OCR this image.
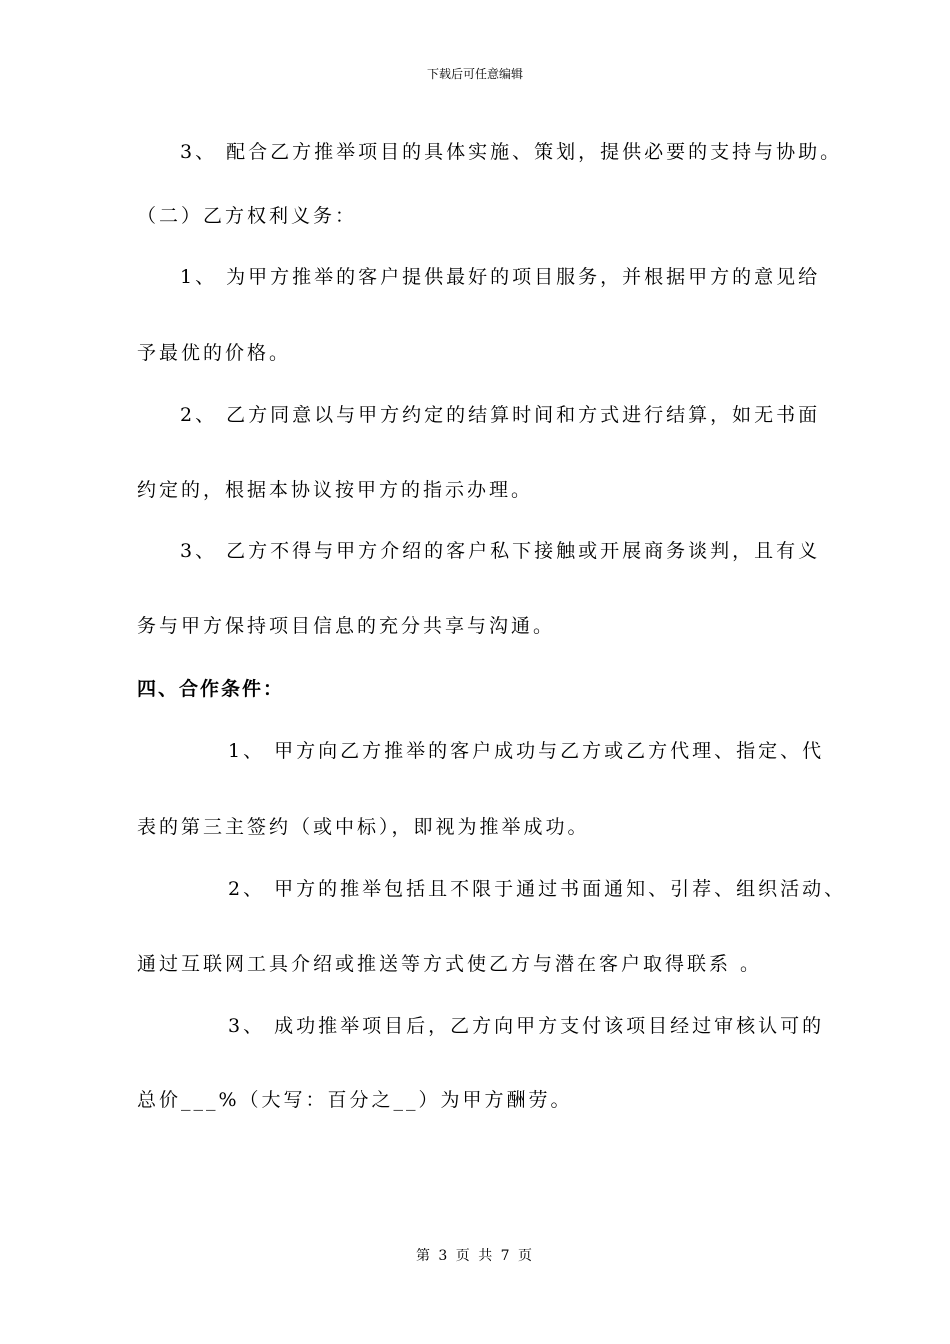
下载后可任意编辑
3、 配合乙方推举项目的具体实施、策划，提供必要的支持与协助。
（二）乙方权利义务：
1、 为甲方推举的客户提供最好的项目服务，并根据甲方的意见给
予最优的价格。
2、 乙方同意以与甲方约定的结算时间和方式进行结算，如无书面
约定的，根据本协议按甲方的指示办理。
3、 乙方不得与甲方介绍的客户私下接触或开展商务谈判，且有义
务与甲方保持项目信息的充分共享与沟通。
四、合作条件：
1、 甲方向乙方推举的客户成功与乙方或乙方代理、指定、代
表的第三主签约（或中标），即视为推举成功。
2、 甲方的推举包括且不限于通过书面通知、引荐、组织活动、
通过互联网工具介绍或推送等方式使乙方与潜在客户取得联系 。
3、 成功推举项目后，乙方向甲方支付该项目经过审核认可的
总价___%（大写：百分之__）为甲方酬劳。
第 3 页 共 7 页
